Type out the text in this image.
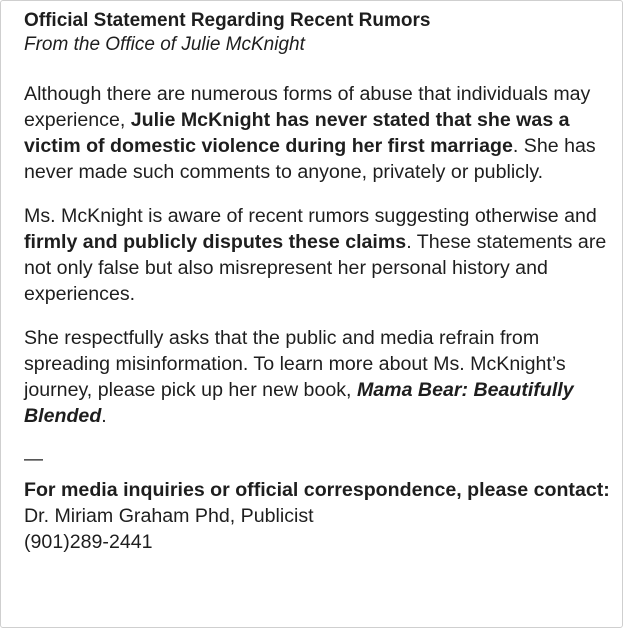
Official Statement Regarding Recent Rumors

From the Office of Julie McKnight

Although there are numerous forms of abuse that individuals may experience, Julie McKnight has never stated that she was a victim of domestic violence during her first marriage. She has never made such comments to anyone, privately or publicly.

Ms. McKnight is aware of recent rumors suggesting otherwise and firmly and publicly disputes these claims. These statements are not only false but also misrepresent her personal history and experiences.

She respectfully asks that the public and media refrain from spreading misinformation. To learn more about Ms. McKnight’s journey, please pick up her new book, Mama Bear: Beautifully Blended.

—

For media inquiries or official correspondence, please contact:

Dr. Miriam Graham Phd, Publicist

(901)289-2441
